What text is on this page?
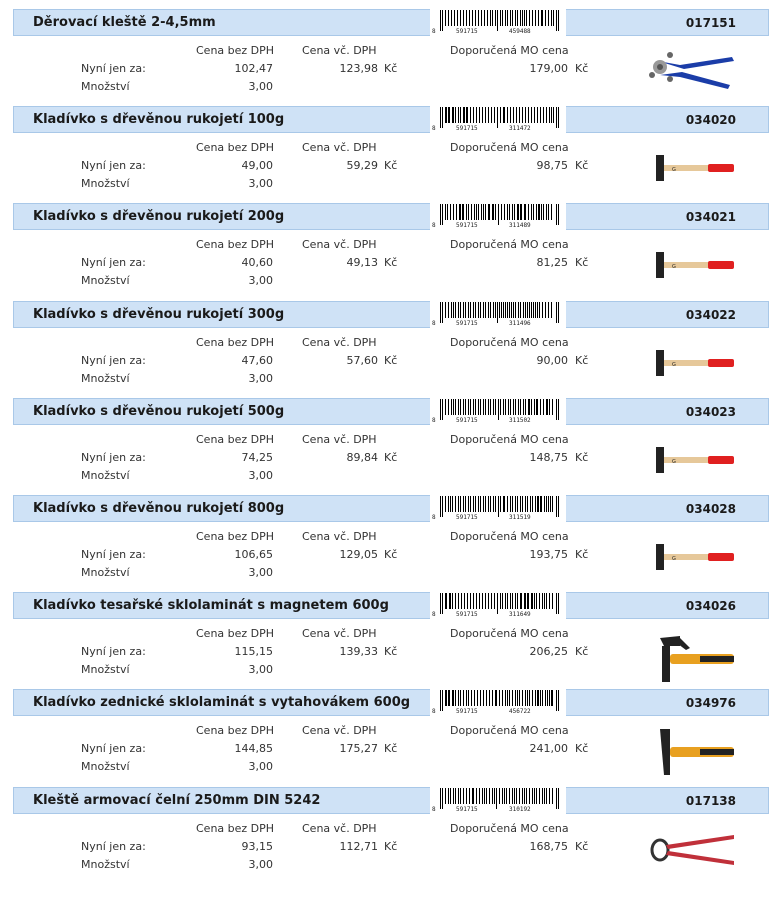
Děrovací kleště 2-4,5mm	017151
8	591715	459488
Cena bez DPH	Cena vč. DPH	Doporučená MO cena
Nyní jen za:	102,47	123,98 Kč	179,00 Kč
Množství	3,00
Kladívko s dřevěnou rukojetí 100g	034020
8	591715	311472
Cena bez DPH	Cena vč. DPH	Doporučená MO cena
Nyní jen za:	49,00	59,29 Kč	98,75 Kč
Množství	3,00
G
Kladívko s dřevěnou rukojetí 200g	034021
8	591715	311489
Cena bez DPH	Cena vč. DPH	Doporučená MO cena
Nyní jen za:	40,60	49,13 Kč	81,25 Kč
Množství	3,00
G
Kladívko s dřevěnou rukojetí 300g	034022
8	591715	311496
Cena bez DPH	Cena vč. DPH	Doporučená MO cena
Nyní jen za:	47,60	57,60 Kč	90,00 Kč
Množství	3,00
G
Kladívko s dřevěnou rukojetí 500g	034023
8	591715	311502
Cena bez DPH	Cena vč. DPH	Doporučená MO cena
Nyní jen za:	74,25	89,84 Kč	148,75 Kč
Množství	3,00
G
Kladívko s dřevěnou rukojetí 800g	034028
8	591715	311519
Cena bez DPH	Cena vč. DPH	Doporučená MO cena
Nyní jen za:	106,65	129,05 Kč	193,75 Kč
Množství	3,00
G
Kladívko tesařské sklolaminát s magnetem 600g	034026
8	591715	311649
Cena bez DPH	Cena vč. DPH	Doporučená MO cena
Nyní jen za:	115,15	139,33 Kč	206,25 Kč
Množství	3,00
Kladívko zednické sklolaminát s vytahovákem 600g	034976
8	591715	456722
Cena bez DPH	Cena vč. DPH	Doporučená MO cena
Nyní jen za:	144,85	175,27 Kč	241,00 Kč
Množství	3,00
Kleště armovací čelní 250mm DIN 5242	017138
8	591715	310192
Cena bez DPH	Cena vč. DPH	Doporučená MO cena
Nyní jen za:	93,15	112,71 Kč	168,75 Kč
Množství	3,00
